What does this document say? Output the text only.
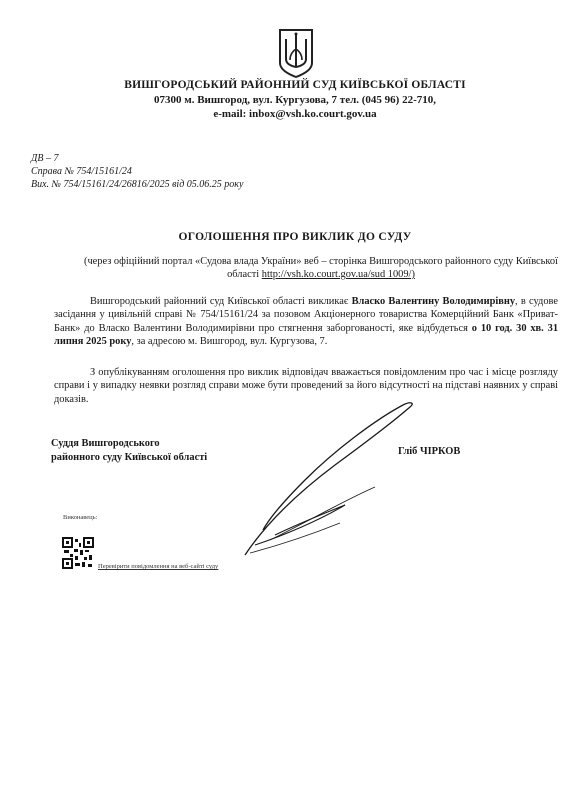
ВИШГОРОДСЬКИЙ РАЙОННИЙ СУД КИЇВСЬКОЇ ОБЛАСТІ
07300 м. Вишгород, вул. Кургузова, 7 тел. (045 96) 22-710,
e-mail: inbox@vsh.ko.court.gov.ua
ДВ – 7
Справа № 754/15161/24
Вих. № 754/15161/24/26816/2025 від 05.06.25 року
ОГОЛОШЕННЯ ПРО ВИКЛИК ДО СУДУ
(через офіційний портал «Судова влада України» веб – сторінка Вишгородського районного суду Київської області http://vsh.ko.court.gov.ua/sud 1009/)
Вишгородський районний суд Київської області викликає Власко Валентину Володимирівну, в судове засідання у цивільній справі № 754/15161/24 за позовом Акціонерного товариства Комерційний Банк «Приват-Банк» до Власко Валентини Володимирівни про стягнення заборгованості, яке відбудеться о 10 год. 30 хв. 31 липня 2025 року, за адресою м. Вишгород, вул. Кургузова, 7.
З опублікуванням оголошення про виклик відповідач вважається повідомленим про час і місце розгляду справи і у випадку неявки розгляд справи може бути проведений за його відсутності на підставі наявних у справі доказів.
Суддя Вишгородського
районного суду Київської області	Гліб ЧІРКОВ
Виконавець:
Перевірити повідомлення на веб-сайті суду
